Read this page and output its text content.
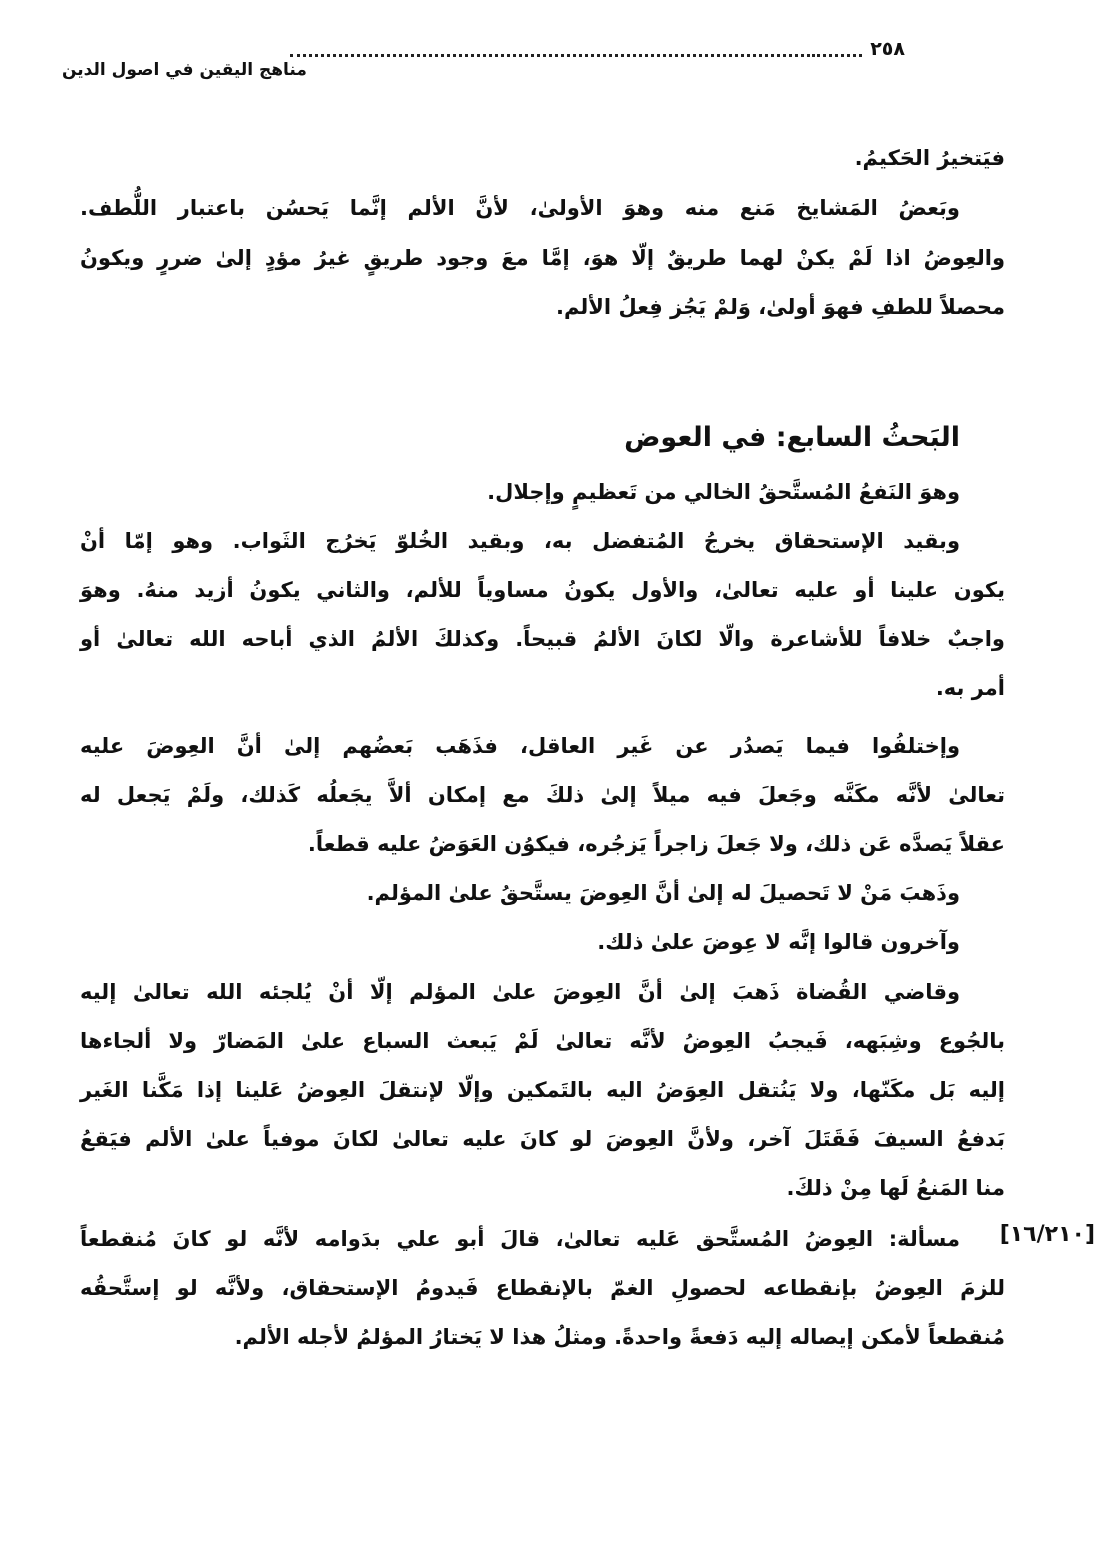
٢٥٨
مناهج اليقين في اصول الدين
فيَتخيرُ الحَكيمُ.
وبَعضُ المَشايخ مَنع منه وهوَ الأولىٰ، لأنَّ الألم إنَّما يَحسُن باعتبار اللُّطف.
والعِوضُ اذا لَمْ يكنْ لهما طريقٌ إلّا هوَ، إمَّا معَ وجود طريقٍ غيرُ مؤدٍ إلىٰ ضررٍ ويكونُ
محصلاً للطفِ فهوَ أولىٰ، وَلمْ يَجُز فِعلُ الألم.
البَحثُ السابع: في العوض
وهوَ النَفعُ المُستَّحقُ الخالي من تَعظيمٍ وإجلال.
وبقيد الإستحقاق يخرجُ المُتفضل به، وبقيد الخُلوّ يَخرُج الثَواب. وهو إمّا أنْ
يكون علينا أو عليه تعالىٰ، والأول يكونُ مساوياً للألم، والثاني يكونُ أزيد منهُ. وهوَ
واجبٌ خلافاً للأشاعرة والّا لكانَ الألمُ قبيحاً. وكذلكَ الألمُ الذي أباحه الله تعالىٰ أو
أمر به.
وإختلفُوا فيما يَصدُر عن غَير العاقل، فذَهَب بَعضُهم إلىٰ أنَّ العِوضَ عليه
تعالىٰ لأنَّه مكَنَّه وجَعلَ فيه ميلاً إلىٰ ذلكَ مع إمكان ألاَّ يجَعلُه كَذلك، ولَمْ يَجعل له
عقلاً يَصدَّه عَن ذلك، ولا جَعلَ زاجراً يَزجُره، فيكوُن العَوَضُ عليه قطعاً.
وذَهبَ مَنْ لا تَحصيلَ له إلىٰ أنَّ العِوضَ يستَّحقُ علىٰ المؤلم.
وآخرون قالوا إنَّه لا عِوضَ علىٰ ذلك.
وقاضي القُضاة ذَهبَ إلىٰ أنَّ العِوضَ علىٰ المؤلم إلّا أنْ يُلجئه الله تعالىٰ إليه
بالجُوع وشِبَهه، فَيجبُ العِوضُ لأنَّه تعالىٰ لَمْ يَبعث السباع علىٰ المَضارّ ولا ألجاءها
إليه بَل مكَنّها، ولا يَنُتقل العِوَضُ اليه بالتَمكين وإلّا لإنتقلَ العِوضُ عَلينا إذا مَكَّنا الغَير
بَدفعُ السيفَ فَقَتَلَ آخر، ولأنَّ العِوضَ لو كانَ عليه تعالىٰ لكانَ موفياً علىٰ الألم فيَقعُ
منا المَنعُ لَها مِنْ ذلكَ.
مسألة: العِوضُ المُستَّحق عَليه تعالىٰ، قالَ أبو علي بدَوامه لأنَّه لو كانَ مُنقطعاً
للزمَ العِوضُ بإنقطاعه لحصولِ الغمّ بالإنقطاع فَيدومُ الإستحقاق، ولأنَّه لو إستَّحقُه
مُنقطعاً لأمكن إيصاله إليه دَفعةً واحدةً. ومثلُ هذا لا يَختارُ المؤلمُ لأجله الألم.
[١٦/٢١٠]
